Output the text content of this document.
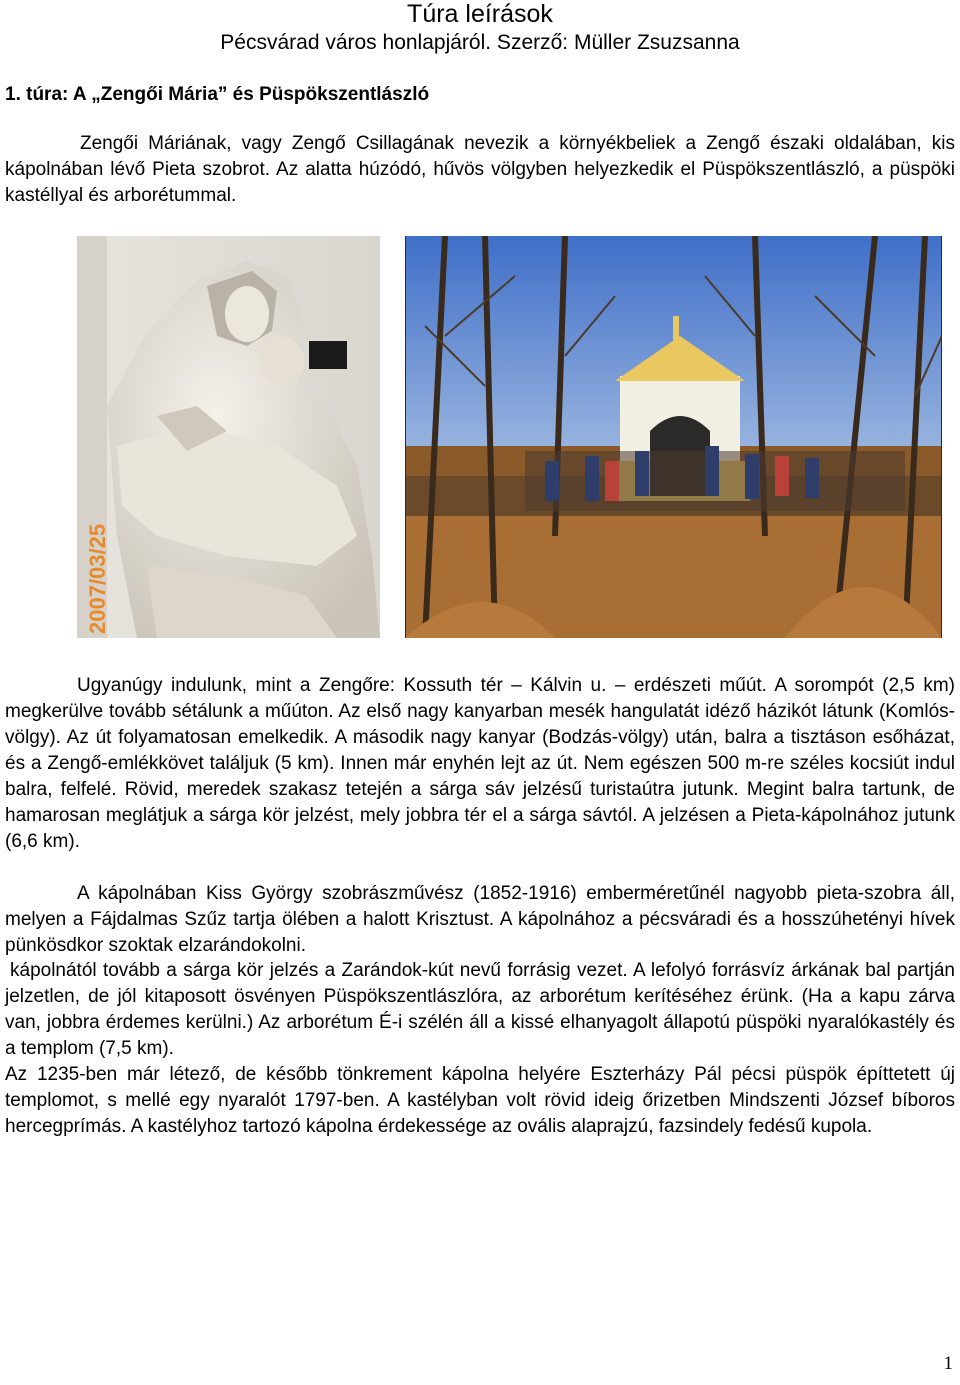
Túra leírások
Pécsvárad város honlapjáról. Szerző: Müller Zsuzsanna
1. túra: A „Zengői Mária” és Püspökszentlászló

Zengői Máriának, vagy Zengő Csillagának nevezik a környékbeliek a Zengő északi oldalában, kis kápolnában lévő Pieta szobrot. Az alatta húzódó, hűvös völgyben helyezkedik el Püspökszentlászló, a püspöki kastéllyal és arborétummal.

2007/03/25

Ugyanúgy indulunk, mint a Zengőre: Kossuth tér – Kálvin u. – erdészeti műút. A sorompót (2,5 km) megkerülve tovább sétálunk a műúton. Az első nagy kanyarban mesék hangulatát idéző házikót látunk (Komlós-völgy). Az út folyamatosan emelkedik. A második nagy kanyar (Bodzás-völgy) után, balra a tisztáson esőházat, és a Zengő-emlékkövet találjuk (5 km). Innen már enyhén lejt az út. Nem egészen 500 m-re széles kocsiút indul balra, felfelé. Rövid, meredek szakasz tetején a sárga sáv jelzésű turistaútra jutunk. Megint balra tartunk, de hamarosan meglátjuk a sárga kör jelzést, mely jobbra tér el a sárga sávtól. A jelzésen a Pieta-kápolnához jutunk (6,6 km).

A kápolnában Kiss György szobrászművész (1852-1916) emberméretűnél nagyobb pieta-szobra áll, melyen a Fájdalmas Szűz tartja ölében a halott Krisztust. A kápolnához a pécsváradi és a hosszúhetényi hívek pünkösdkor szoktak elzarándokolni.

kápolnától tovább a sárga kör jelzés a Zarándok-kút nevű forrásig vezet. A lefolyó forrásvíz árkának bal partján jelzetlen, de jól kitaposott ösvényen Püspökszentlászlóra, az arborétum kerítéséhez érünk. (Ha a kapu zárva van, jobbra érdemes kerülni.) Az arborétum É-i szélén áll a kissé elhanyagolt állapotú püspöki nyaralókastély és a templom (7,5 km).

Az 1235-ben már létező, de később tönkrement kápolna helyére Eszterházy Pál pécsi püspök építtetett új templomot, s mellé egy nyaralót 1797-ben. A kastélyban volt rövid ideig őrizetben Mindszenti József bíboros hercegprímás. A kastélyhoz tartozó kápolna érdekessége az ovális alaprajzú, fazsindely fedésű kupola.

1
